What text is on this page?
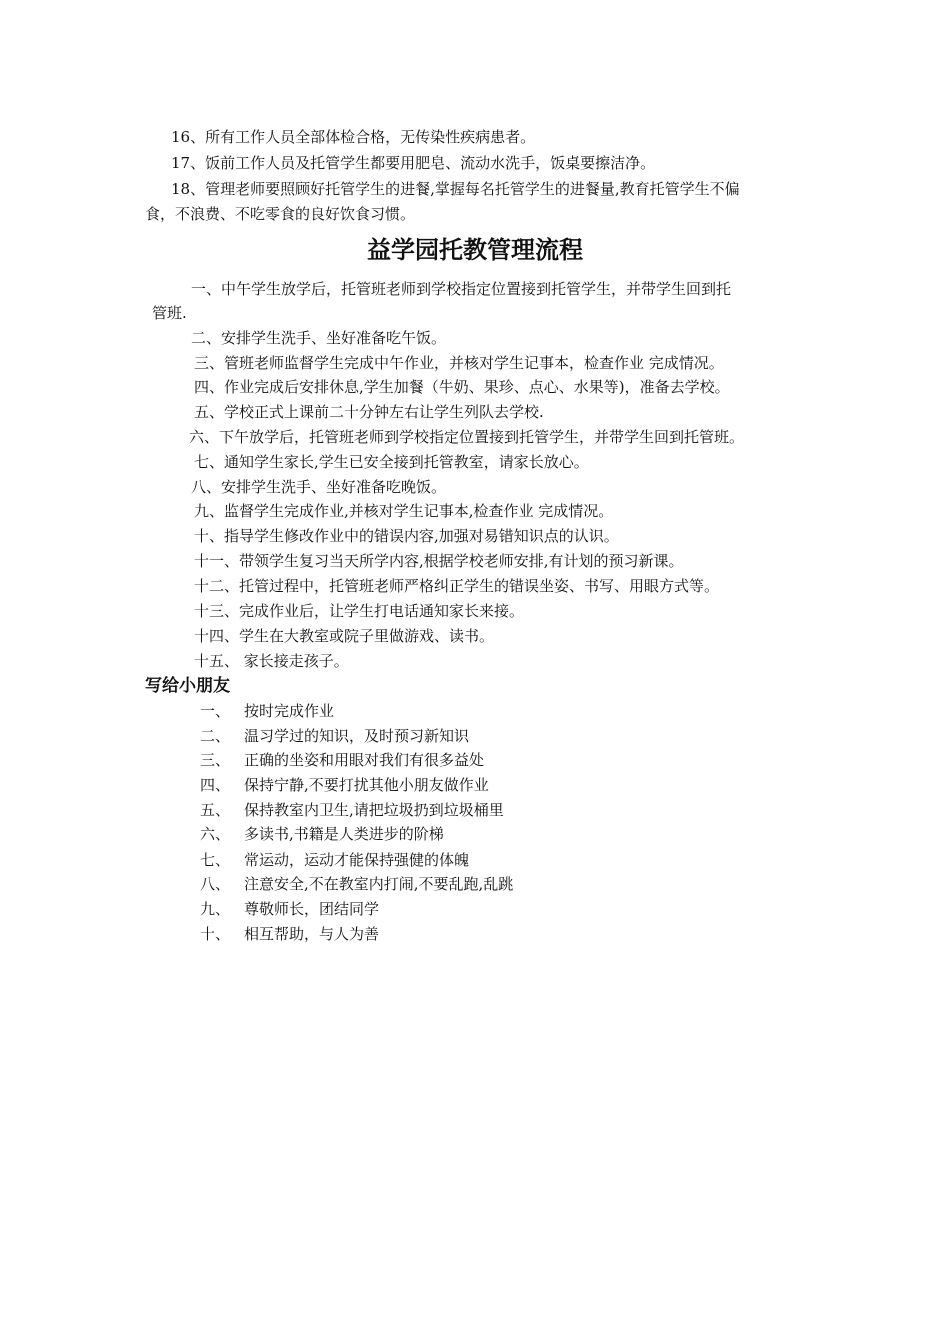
16、所有工作人员全部体检合格，无传染性疾病患者。
17、饭前工作人员及托管学生都要用肥皂、流动水洗手，饭桌要擦洁净。
18、管理老师要照顾好托管学生的进餐,掌握每名托管学生的进餐量,教育托管学生不偏
食，不浪费、不吃零食的良好饮食习惯。
益学园托教管理流程
一、中午学生放学后，托管班老师到学校指定位置接到托管学生，并带学生回到托
管班.
二、安排学生洗手、坐好准备吃午饭。
三、管班老师监督学生完成中午作业，并核对学生记事本，检查作业 完成情况。
四、作业完成后安排休息,学生加餐（牛奶、果珍、点心、水果等)，准备去学校。
五、学校正式上课前二十分钟左右让学生列队去学校.
六、下午放学后，托管班老师到学校指定位置接到托管学生，并带学生回到托管班。
七、通知学生家长,学生已安全接到托管教室，请家长放心。
八、安排学生洗手、坐好准备吃晚饭。
九、监督学生完成作业,并核对学生记事本,检查作业 完成情况。
十、指导学生修改作业中的错误内容,加强对易错知识点的认识。
十一、带领学生复习当天所学内容,根据学校老师安排,有计划的预习新课。
十二、托管过程中，托管班老师严格纠正学生的错误坐姿、书写、用眼方式等。
十三、完成作业后，让学生打电话通知家长来接。
十四、学生在大教室或院子里做游戏、读书。
十五、 家长接走孩子。
写给小朋友
一、 按时完成作业
二、 温习学过的知识，及时预习新知识
三、 正确的坐姿和用眼对我们有很多益处
四、 保持宁静,不要打扰其他小朋友做作业
五、 保持教室内卫生,请把垃圾扔到垃圾桶里
六、 多读书,书籍是人类进步的阶梯
七、 常运动，运动才能保持强健的体魄
八、 注意安全,不在教室内打闹,不要乱跑,乱跳
九、 尊敬师长，团结同学
十、 相互帮助，与人为善
